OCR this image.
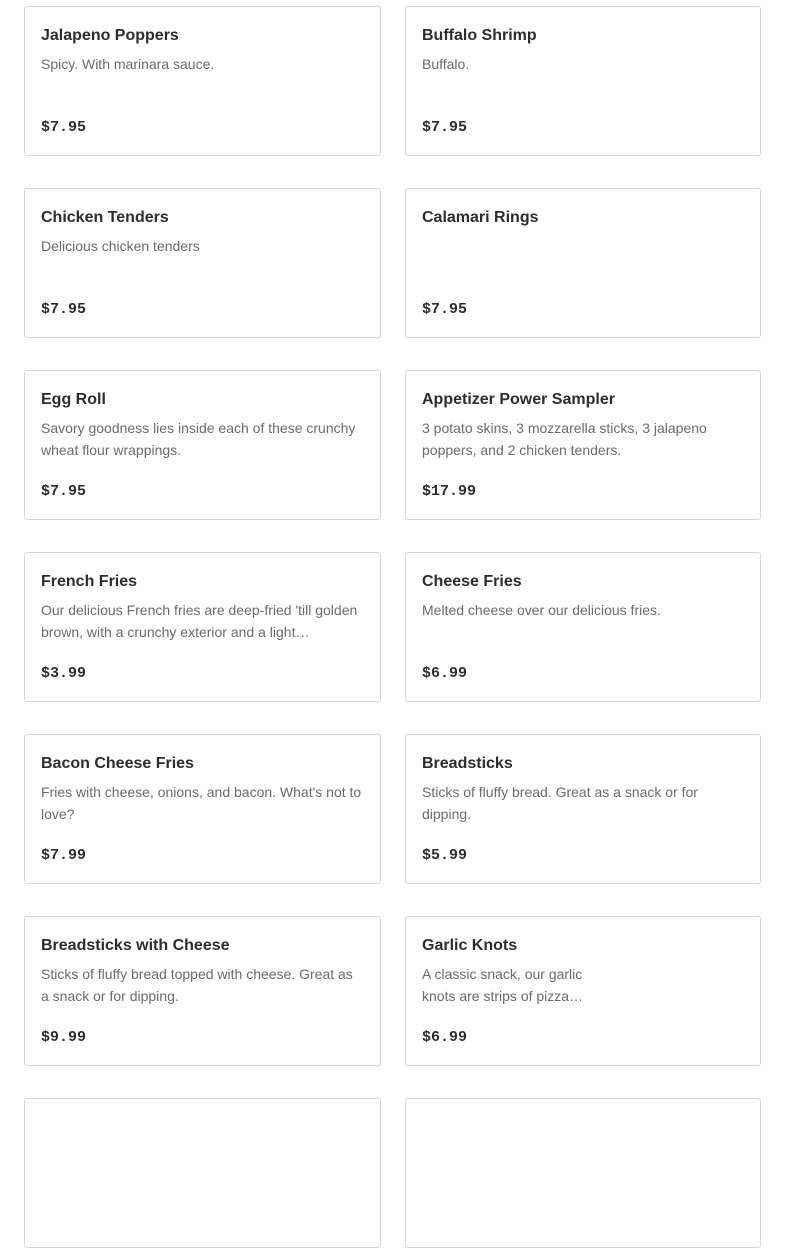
Jalapeno Poppers
Spicy. With marinara sauce.
$7.95
Buffalo Shrimp
Buffalo.
$7.95
Chicken Tenders
Delicious chicken tenders
$7.95
Calamari Rings
$7.95
Egg Roll
Savory goodness lies inside each of these crunchy wheat flour wrappings.
$7.95
Appetizer Power Sampler
3 potato skins, 3 mozzarella sticks, 3 jalapeno poppers, and 2 chicken tenders.
$17.99
French Fries
Our delicious French fries are deep-fried 'till golden brown, with a crunchy exterior and a light…
$3.99
Cheese Fries
Melted cheese over our delicious fries.
$6.99
Bacon Cheese Fries
Fries with cheese, onions, and bacon. What's not to love?
$7.99
Breadsticks
Sticks of fluffy bread. Great as a snack or for dipping.
$5.99
Breadsticks with Cheese
Sticks of fluffy bread topped with cheese. Great as a snack or for dipping.
$9.99
Garlic Knots
A classic snack, our garlic knots are strips of pizza…
$6.99
